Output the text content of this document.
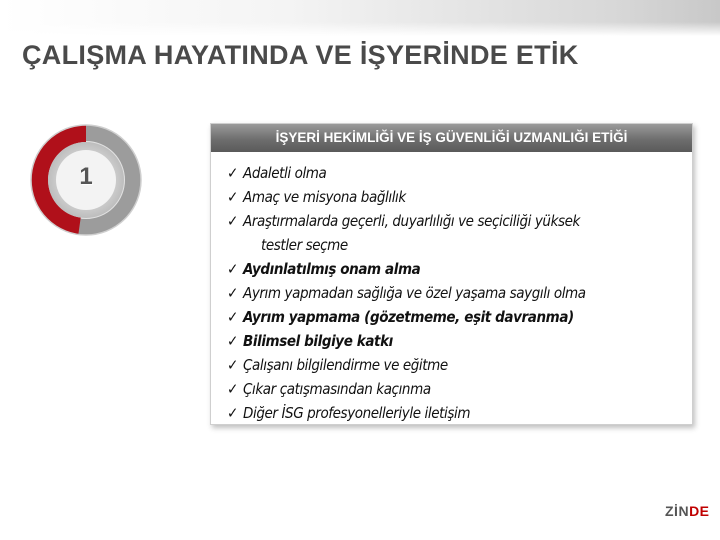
ÇALIŞMA HAYATINDA VE İŞYERİNDE ETİK
1
İŞYERİ HEKİMLİĞİ VE İŞ GÜVENLİĞİ UZMANLIĞI ETİĞİ
✓ Adaletli olma
✓ Amaç ve misyona bağlılık
✓ Araştırmalarda geçerli, duyarlılığı ve seçiciliği yüksek
testler seçme
✓ Aydınlatılmış onam alma
✓ Ayrım yapmadan sağlığa ve özel yaşama saygılı olma
✓ Ayrım yapmama (gözetmeme, eşit davranma)
✓ Bilimsel bilgiye katkı
✓ Çalışanı bilgilendirme ve eğitme
✓ Çıkar çatışmasından kaçınma
✓ Diğer İSG profesyonelleriyle iletişim
ZİNDE
